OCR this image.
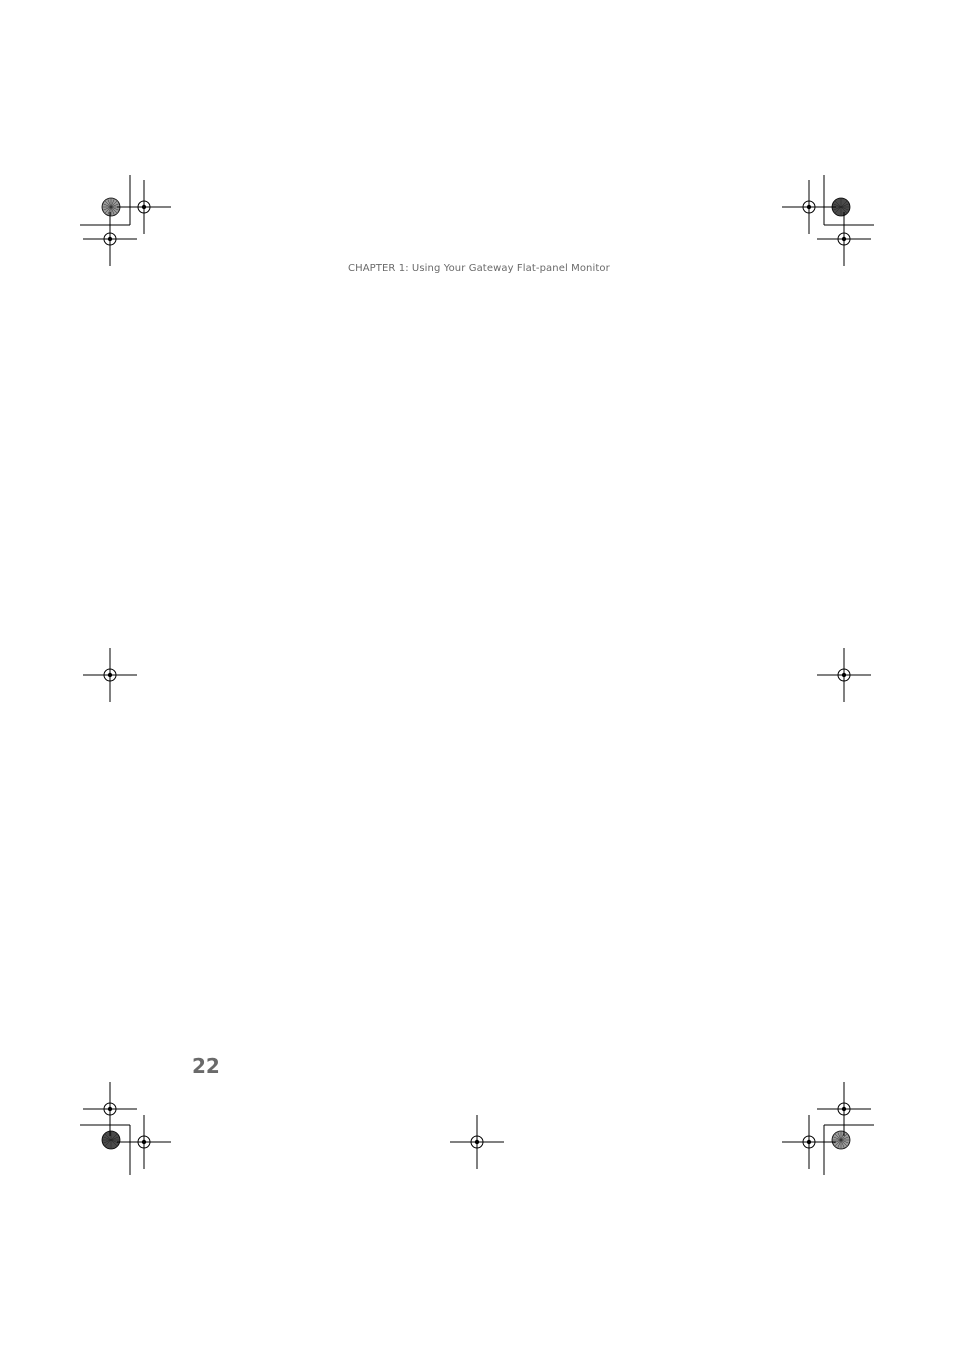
CHAPTER 1: Using Your Gateway Flat-panel Monitor
22
